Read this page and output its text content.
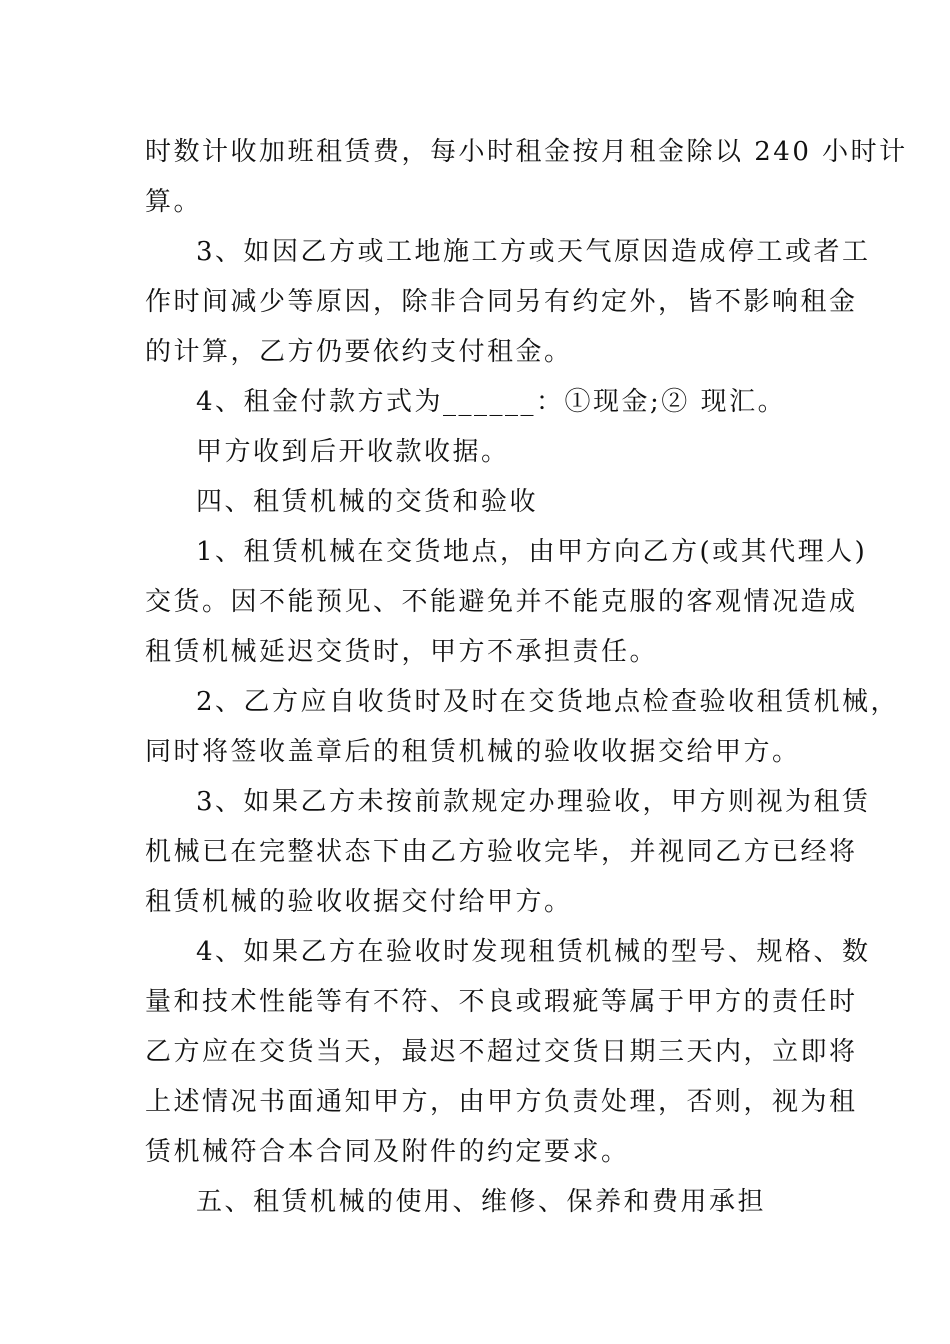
时数计收加班租赁费，每小时租金按月租金除以 240 小时计
算。
3、如因乙方或工地施工方或天气原因造成停工或者工
作时间减少等原因，除非合同另有约定外，皆不影响租金
的计算，乙方仍要依约支付租金。
4、租金付款方式为______：①现金;② 现汇。
甲方收到后开收款收据。
四、租赁机械的交货和验收
1、租赁机械在交货地点，由甲方向乙方(或其代理人)
交货。因不能预见、不能避免并不能克服的客观情况造成
租赁机械延迟交货时，甲方不承担责任。
2、乙方应自收货时及时在交货地点检查验收租赁机械，
同时将签收盖章后的租赁机械的验收收据交给甲方。
3、如果乙方未按前款规定办理验收，甲方则视为租赁
机械已在完整状态下由乙方验收完毕，并视同乙方已经将
租赁机械的验收收据交付给甲方。
4、如果乙方在验收时发现租赁机械的型号、规格、数
量和技术性能等有不符、不良或瑕疵等属于甲方的责任时
乙方应在交货当天，最迟不超过交货日期三天内，立即将
上述情况书面通知甲方，由甲方负责处理，否则，视为租
赁机械符合本合同及附件的约定要求。
五、租赁机械的使用、维修、保养和费用承担
